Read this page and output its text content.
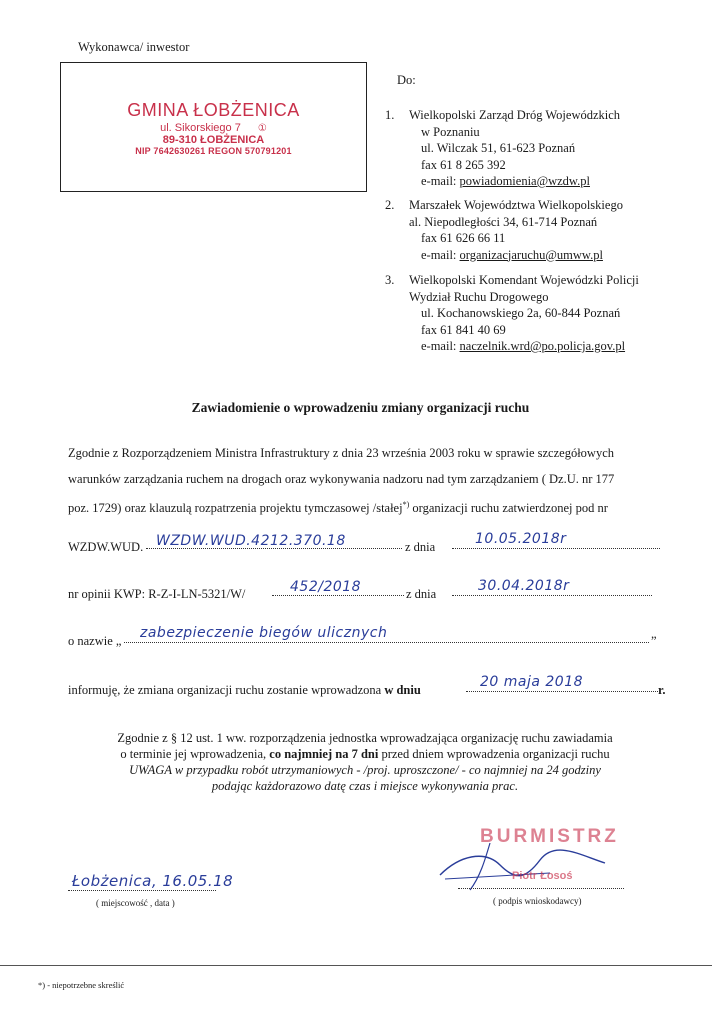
Wykonawca/ inwestor
GMINA ŁOBŻENICA
ul. Sikorskiego 7 ①
89-310 ŁOBŻENICA
NIP 7642630261 REGON 570791201
Do:
1. Wielkopolski Zarząd Dróg Wojewódzkich
w Poznaniu
ul. Wilczak 51, 61-623 Poznań
fax 61 8 265 392
e-mail: powiadomienia@wzdw.pl
2. Marszałek Województwa Wielkopolskiego
al. Niepodległości 34, 61-714 Poznań
fax 61 626 66 11
e-mail: organizacjaruchu@umww.pl
3. Wielkopolski Komendant Wojewódzki Policji
Wydział Ruchu Drogowego
ul. Kochanowskiego 2a, 60-844 Poznań
fax 61 841 40 69
e-mail: naczelnik.wrd@po.policja.gov.pl
Zawiadomienie o wprowadzeniu zmiany organizacji ruchu
Zgodnie z Rozporządzeniem Ministra Infrastruktury z dnia 23 września 2003 roku w sprawie szczegółowych
warunków zarządzania ruchem na drogach oraz wykonywania nadzoru nad tym zarządzaniem ( Dz.U. nr 177
poz. 1729) oraz klauzulą rozpatrzenia projektu tymczasowej /stałej*) organizacji ruchu zatwierdzonej pod nr
WZDW.WUD. WZDW.WUD.4212.370.18	z dnia	10.05.2018r
nr opinii KWP: R-Z-I-LN-5321/W/	452/2018	z dnia	30.04.2018r
o nazwie „ zabezpieczenie biegów ulicznych	”
informuję, że zmiana organizacji ruchu zostanie wprowadzona w dniu	20 maja 2018	r.
Zgodnie z § 12 ust. 1 ww. rozporządzenia jednostka wprowadzająca organizację ruchu zawiadamia
o terminie jej wprowadzenia, co najmniej na 7 dni przed dniem wprowadzenia organizacji ruchu
UWAGA w przypadku robót utrzymaniowych - /proj. uproszczone/ - co najmniej na 24 godziny
podając każdorazowo datę czas i miejsce wykonywania prac.
Łobżenica, 16.05.18
( miejscowość , data )
BURMISTRZ
Piotr Łosoś
( podpis wnioskodawcy)
*) - niepotrzebne skreślić
